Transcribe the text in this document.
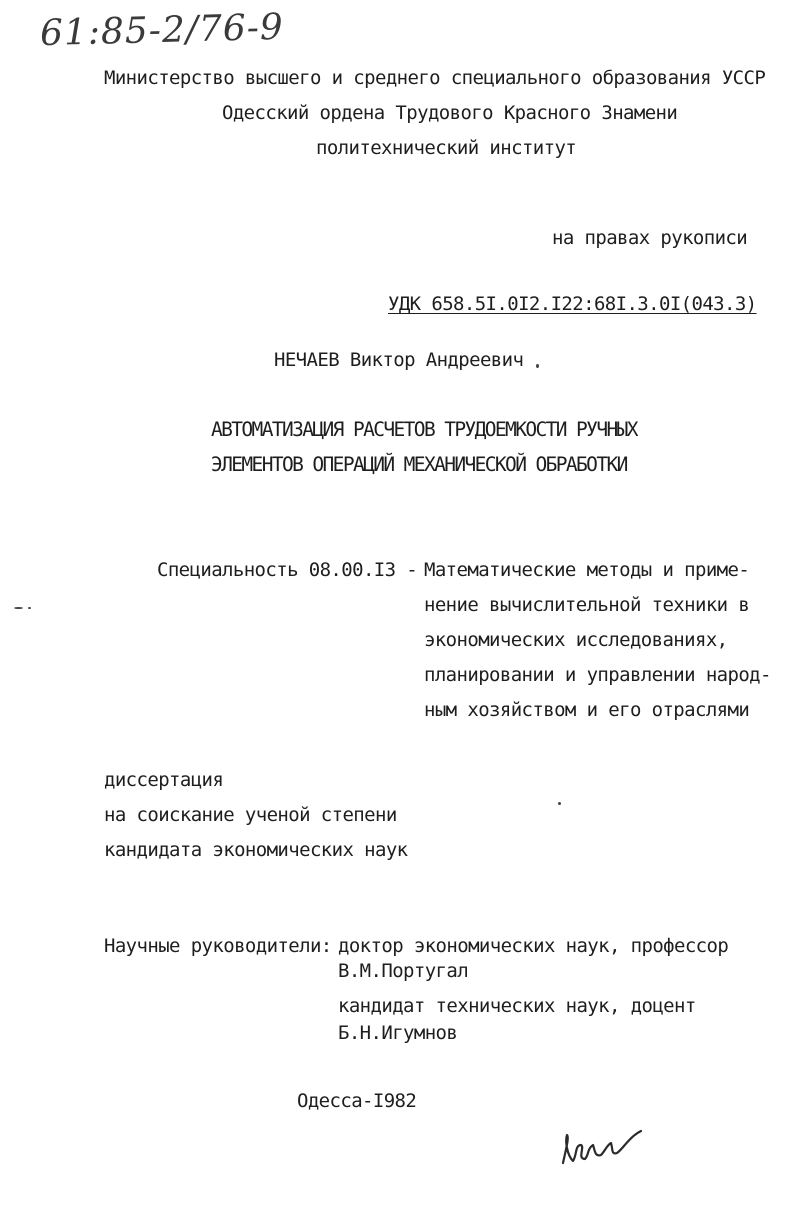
61:85-2/76-9
Министерство высшего и среднего специального образования УССР
Одесский ордена Трудового Красного Знамени
политехнический институт
на правах рукописи
УДК 658.5I.0I2.I22:68I.3.0I(043.3)
НЕЧАЕВ Виктор Андреевич
АВТОМАТИЗАЦИЯ РАСЧЕТОВ ТРУДОЕМКОСТИ РУЧНЫХ
ЭЛЕМЕНТОВ ОПЕРАЦИЙ МЕХАНИЧЕСКОЙ ОБРАБОТКИ
Специальность 08.00.I3 - Математические методы и приме-
нение вычислительной техники в
экономических исследованиях,
планировании и управлении народ-
ным хозяйством и его отраслями
диссертация
на соискание ученой степени
кандидата экономических наук
Научные руководители: доктор экономических наук, профессор
В.М.Португал
кандидат технических наук, доцент
Б.Н.Игумнов
Одесса-I982
